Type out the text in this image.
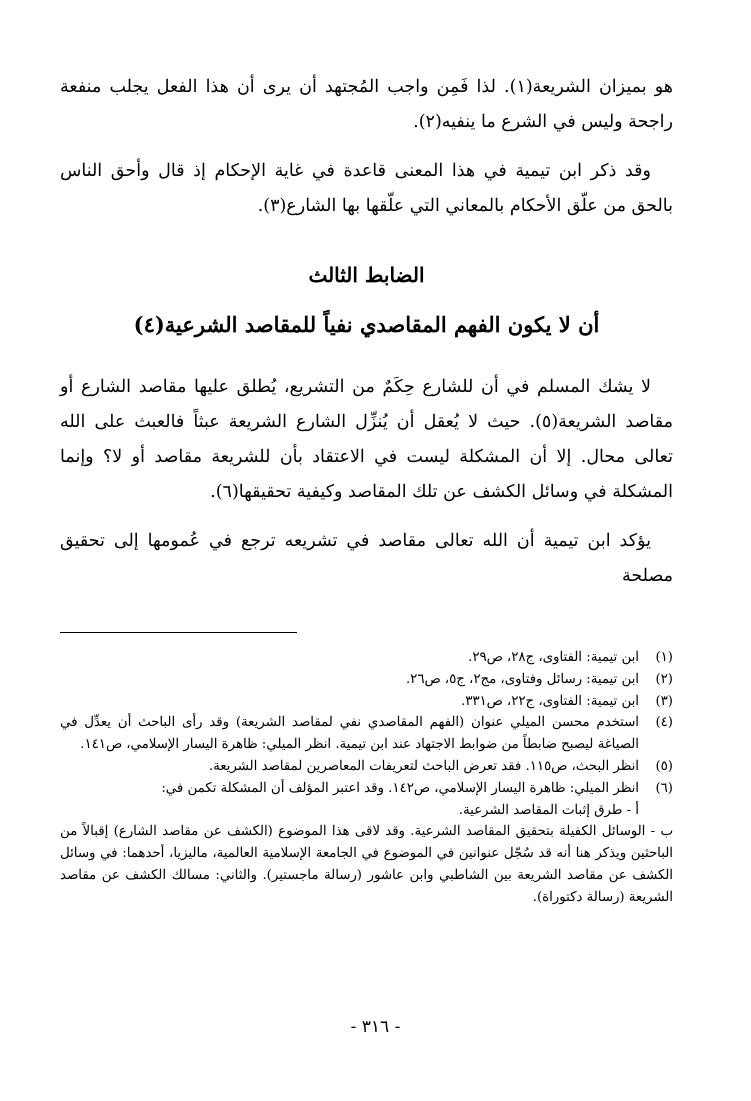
هو بميزان الشريعة(١). لذا فَمِن واجب المُجتهد أن يرى أن هذا الفعل يجلب منفعة راجحة وليس في الشرع ما ينفيه(٢).

وقد ذكر ابن تيمية في هذا المعنى قاعدة في غاية الإحكام إذ قال وأحق الناس بالحق من علّق الأحكام بالمعاني التي علّقها بها الشارع(٣).

الضابط الثالث

أن لا يكون الفهم المقاصدي نفياً للمقاصد الشرعية(٤)

لا يشك المسلم في أن للشارع حِكَمٌ من التشريع، يُطلق عليها مقاصد الشارع أو مقاصد الشريعة(٥). حيث لا يُعقل أن يُنزِّل الشارع الشريعة عبثاً فالعبث على الله تعالى محال. إلا أن المشكلة ليست في الاعتقاد بأن للشريعة مقاصد أو لا؟ وإنما المشكلة في وسائل الكشف عن تلك المقاصد وكيفية تحقيقها(٦).

يؤكد ابن تيمية أن الله تعالى مقاصد في تشريعه ترجع في عُمومها إلى تحقيق مصلحة

(١)
ابن تيمية: الفتاوى، ج٢٨، ص٢٩.

(٢)
ابن تيمية: رسائل وفتاوى، مج٢، ج٥، ص٢٦.

(٣)
ابن تيمية: الفتاوى، ج٢٢، ص٣٣١.

(٤)
استخدم محسن الميلي عنوان (الفهم المقاصدي نفي لمقاصد الشريعة) وقد رأى الباحث أن يعدِّل في الصياغة ليصبح ضابطاً من ضوابط الاجتهاد عند ابن تيمية. انظر الميلي: ظاهرة اليسار الإسلامي، ص١٤١.

(٥)
انظر البحث، ص١١٥. فقد تعرض الباحث لتعريفات المعاصرين لمقاصد الشريعة.

(٦)
انظر الميلي: ظاهرة اليسار الإسلامي، ص١٤٢. وقد اعتبر المؤلف أن المشكلة تكمن في:

أ - طرق إثبات المقاصد الشرعية.

ب - الوسائل الكفيلة بتحقيق المقاصد الشرعية. وقد لاقى هذا الموضوع (الكشف عن مقاصد الشارع) إقبالاً من الباحثين ويذكر هنا أنه قد سُجّل عنوانين في الموضوع في الجامعة الإسلامية العالمية، ماليزيا، أحدهما: في وسائل الكشف عن مقاصد الشريعة بين الشاطبي وابن عاشور (رسالة ماجستير). والثاني: مسالك الكشف عن مقاصد الشريعة (رسالة دكتوراة).

- ٣١٦ -
